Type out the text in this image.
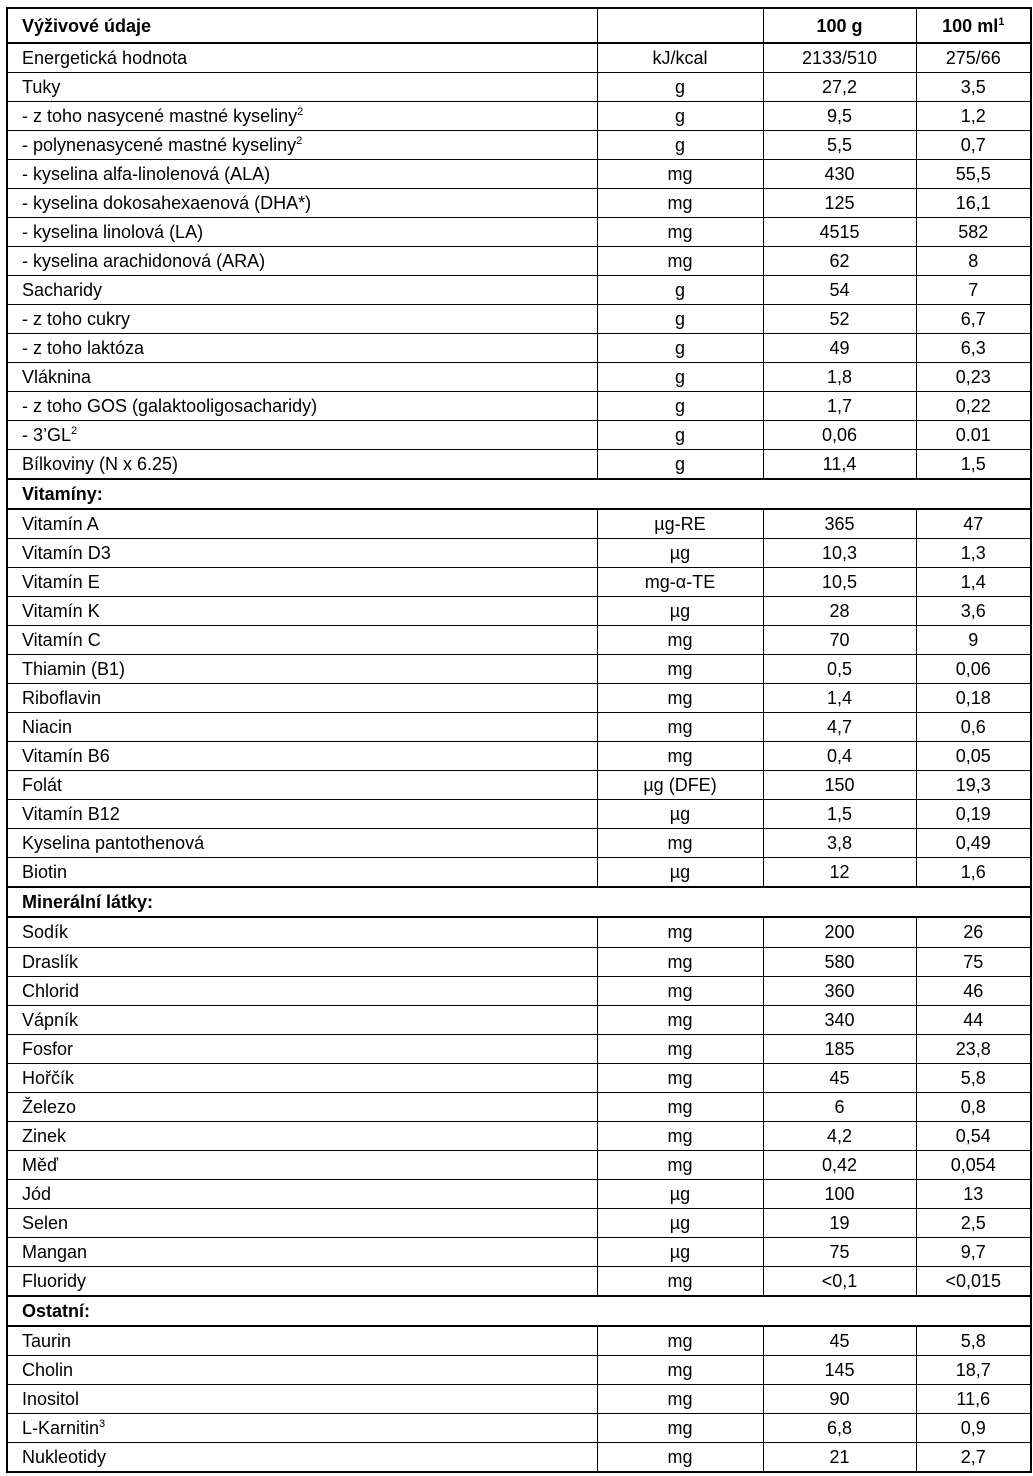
Výživové údaje		100 g	100 $ml^1$
Energetická hodnota	kJ/kcal	2133/510	275/66
Tuky	g	27,2	3,5
- z toho nasycené mastné kyseliny$^2$	g	9,5	1,2
- polynenasycené mastné kyseliny$^2$	g	5,5	0,7
- kyselina alfa-linolenová (ALA)	mg	430	55,5
- kyselina dokosahexaenová (DHA*)	mg	125	16,1
- kyselina linolová (LA)	mg	4515	582
- kyselina arachidonová (ARA)	mg	62	8
Sacharidy	g	54	7
- z toho cukry	g	52	6,7
- z toho laktóza	g	49	6,3
Vláknina	g	1,8	0,23
- z toho GOS (galaktooligosacharidy)	g	1,7	0,22
- $3’GL^2$	g	0,06	0.01
Bílkoviny (N x 6.25)	g	11,4	1,5
Vitamíny:			
Vitamín A	µg-RE	365	47
Vitamín D3	µg	10,3	1,3
Vitamín E	mg-α-TE	10,5	1,4
Vitamín K	µg	28	3,6
Vitamín C	mg	70	9
Thiamin (B1)	mg	0,5	0,06
Riboflavin	mg	1,4	0,18
Niacin	mg	4,7	0,6
Vitamín B6	mg	0,4	0,05
Folát	µg (DFE)	150	19,3
Vitamín B12	µg	1,5	0,19
Kyselina pantothenová	mg	3,8	0,49
Biotin	µg	12	1,6
Minerální látky:			
Sodík	mg	200	26
Draslík	mg	580	75
Chlorid	mg	360	46
Vápník	mg	340	44
Fosfor	mg	185	23,8
Hořčík	mg	45	5,8
Železo	mg	6	0,8
Zinek	mg	4,2	0,54
Měď	mg	0,42	0,054
Jód	µg	100	13
Selen	µg	19	2,5
Mangan	µg	75	9,7
Fluoridy	mg	<0,1	<0,015
Ostatní:			
Taurin	mg	45	5,8
Cholin	mg	145	18,7
Inositol	mg	90	11,6
L-Karnitin$^3$	mg	6,8	0,9
Nukleotidy	mg	21	2,7
